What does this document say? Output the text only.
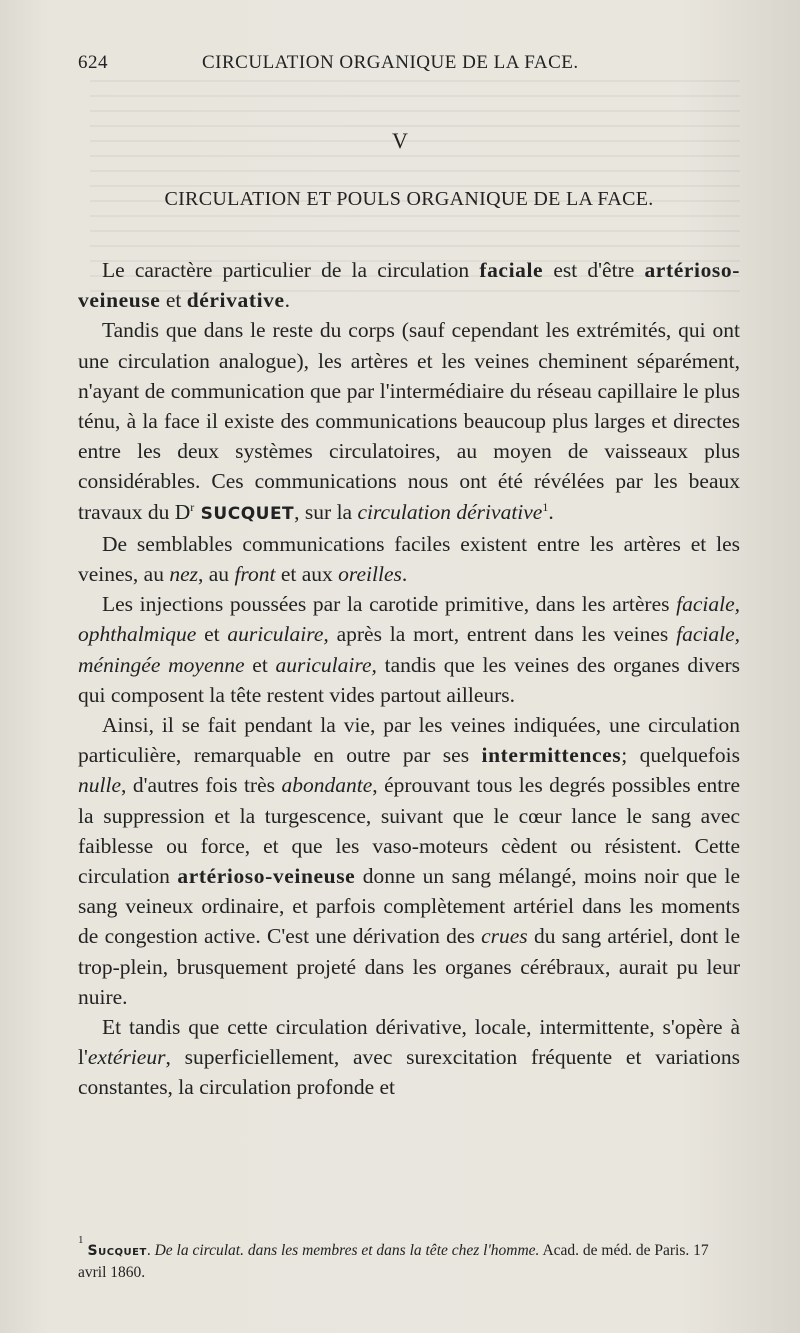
624	CIRCULATION ORGANIQUE DE LA FACE.
V
CIRCULATION ET POULS ORGANIQUE DE LA FACE.

Le caractère particulier de la circulation faciale est d'être artérioso-veineuse et dérivative.

Tandis que dans le reste du corps (sauf cependant les extrémités, qui ont une circulation analogue), les artères et les veines cheminent séparément, n'ayant de communication que par l'intermédiaire du réseau capillaire le plus ténu, à la face il existe des communications beaucoup plus larges et directes entre les deux systèmes circulatoires, au moyen de vaisseaux plus considérables. Ces communications nous ont été révélées par les beaux travaux du $D^r$ SUCQUET, sur la circulation dérivative$^1$.

De semblables communications faciles existent entre les artères et les veines, au nez, au front et aux oreilles.

Les injections poussées par la carotide primitive, dans les artères faciale, ophthalmique et auriculaire, après la mort, entrent dans les veines faciale, méningée moyenne et auriculaire, tandis que les veines des organes divers qui composent la tête restent vides partout ailleurs.

Ainsi, il se fait pendant la vie, par les veines indiquées, une circulation particulière, remarquable en outre par ses intermittences; quelquefois nulle, d'autres fois très abondante, éprouvant tous les degrés possibles entre la suppression et la turgescence, suivant que le cœur lance le sang avec faiblesse ou force, et que les vaso-moteurs cèdent ou résistent. Cette circulation artérioso-veineuse donne un sang mélangé, moins noir que le sang veineux ordinaire, et parfois complètement artériel dans les moments de congestion active. C'est une dérivation des crues du sang artériel, dont le trop-plein, brusquement projeté dans les organes cérébraux, aurait pu leur nuire.

Et tandis que cette circulation dérivative, locale, intermittente, s'opère à l'extérieur, superficiellement, avec surexcitation fréquente et variations constantes, la circulation profonde et

$^1$Sucquet. De la circulat. dans les membres et dans la tête chez l'homme. Acad. de méd. de Paris. 17 avril 1860.
